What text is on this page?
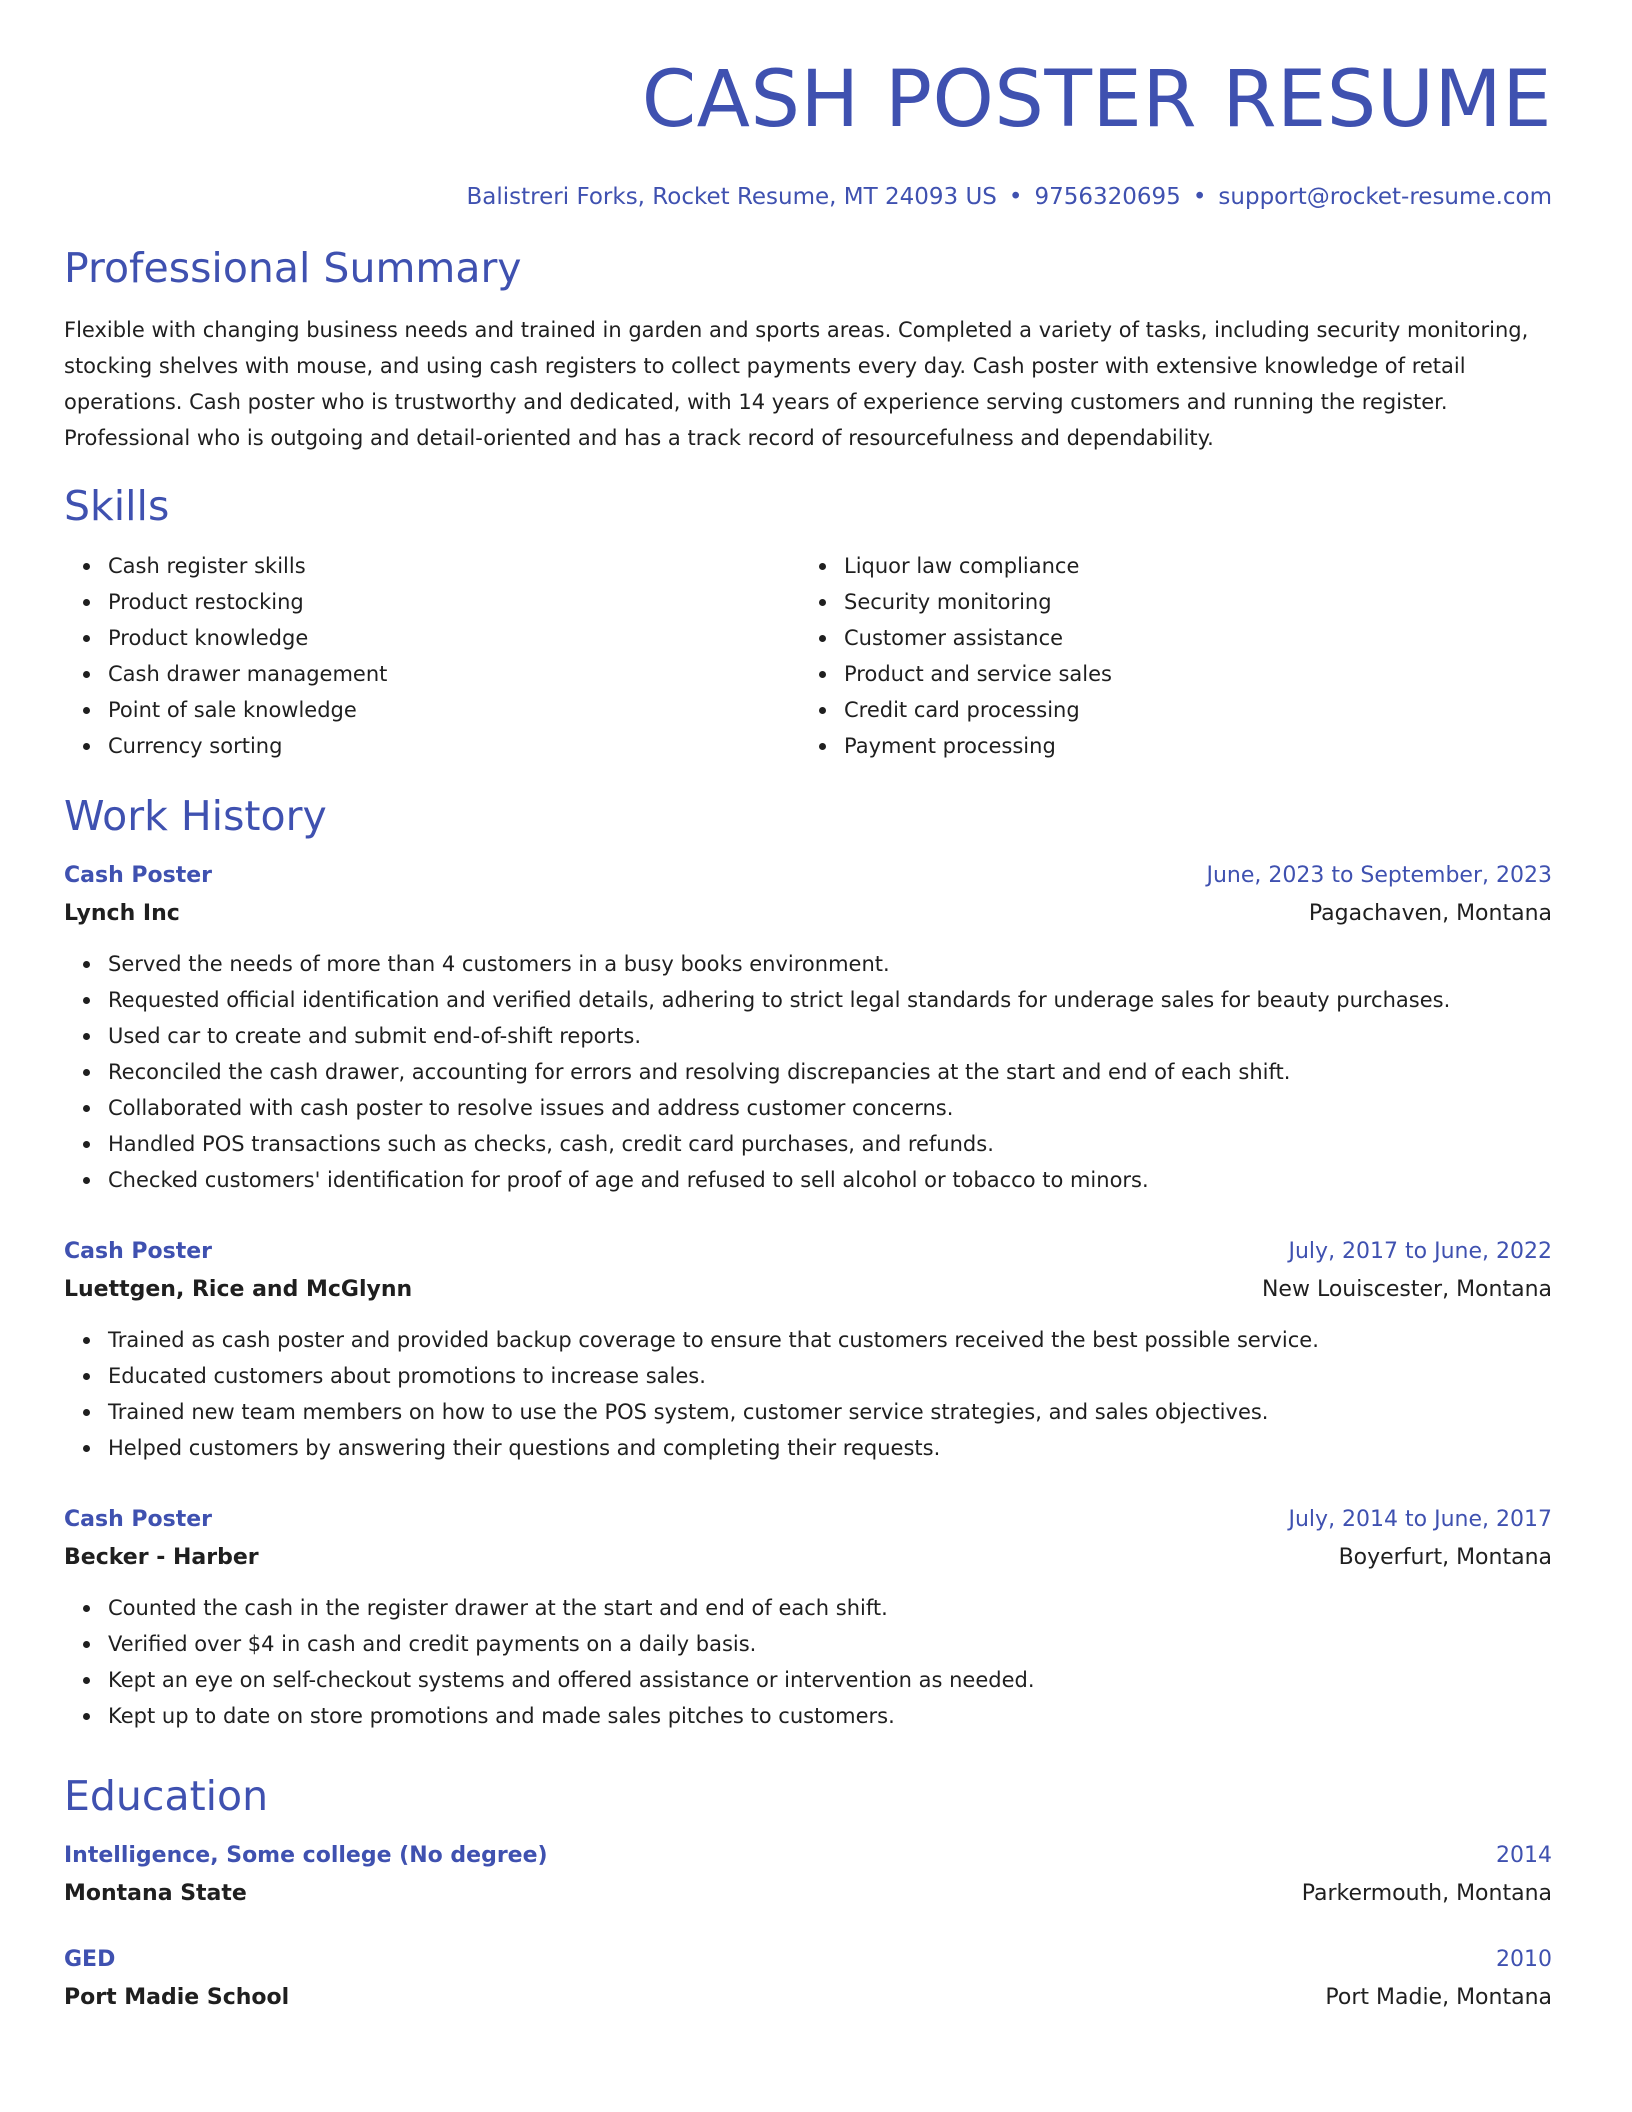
CASH POSTER RESUME
Balistreri Forks, Rocket Resume, MT 24093 US • 9756320695 • support@rocket-resume.com
Professional Summary

Flexible with changing business needs and trained in garden and sports areas. Completed a variety of tasks, including security monitoring, stocking shelves with mouse, and using cash registers to collect payments every day. Cash poster with extensive knowledge of retail operations. Cash poster who is trustworthy and dedicated, with 14 years of experience serving customers and running the register. Professional who is outgoing and detail-oriented and has a track record of resourcefulness and dependability.

Skills
Cash register skills
Product restocking
Product knowledge
Cash drawer management
Point of sale knowledge
Currency sorting
Liquor law compliance
Security monitoring
Customer assistance
Product and service sales
Credit card processing
Payment processing
Work History
Cash Poster	June, 2023 to September, 2023
Lynch Inc	Pagachaven, Montana
Served the needs of more than 4 customers in a busy books environment.
Requested official identification and verified details, adhering to strict legal standards for underage sales for beauty purchases.
Used car to create and submit end-of-shift reports.
Reconciled the cash drawer, accounting for errors and resolving discrepancies at the start and end of each shift.
Collaborated with cash poster to resolve issues and address customer concerns.
Handled POS transactions such as checks, cash, credit card purchases, and refunds.
Checked customers' identification for proof of age and refused to sell alcohol or tobacco to minors.
Cash Poster	July, 2017 to June, 2022
Luettgen, Rice and McGlynn	New Louiscester, Montana
Trained as cash poster and provided backup coverage to ensure that customers received the best possible service.
Educated customers about promotions to increase sales.
Trained new team members on how to use the POS system, customer service strategies, and sales objectives.
Helped customers by answering their questions and completing their requests.
Cash Poster	July, 2014 to June, 2017
Becker - Harber	Boyerfurt, Montana
Counted the cash in the register drawer at the start and end of each shift.
Verified over $4 in cash and credit payments on a daily basis.
Kept an eye on self-checkout systems and offered assistance or intervention as needed.
Kept up to date on store promotions and made sales pitches to customers.
Education
Intelligence, Some college (No degree)	2014
Montana State	Parkermouth, Montana
GED	2010
Port Madie School	Port Madie, Montana
